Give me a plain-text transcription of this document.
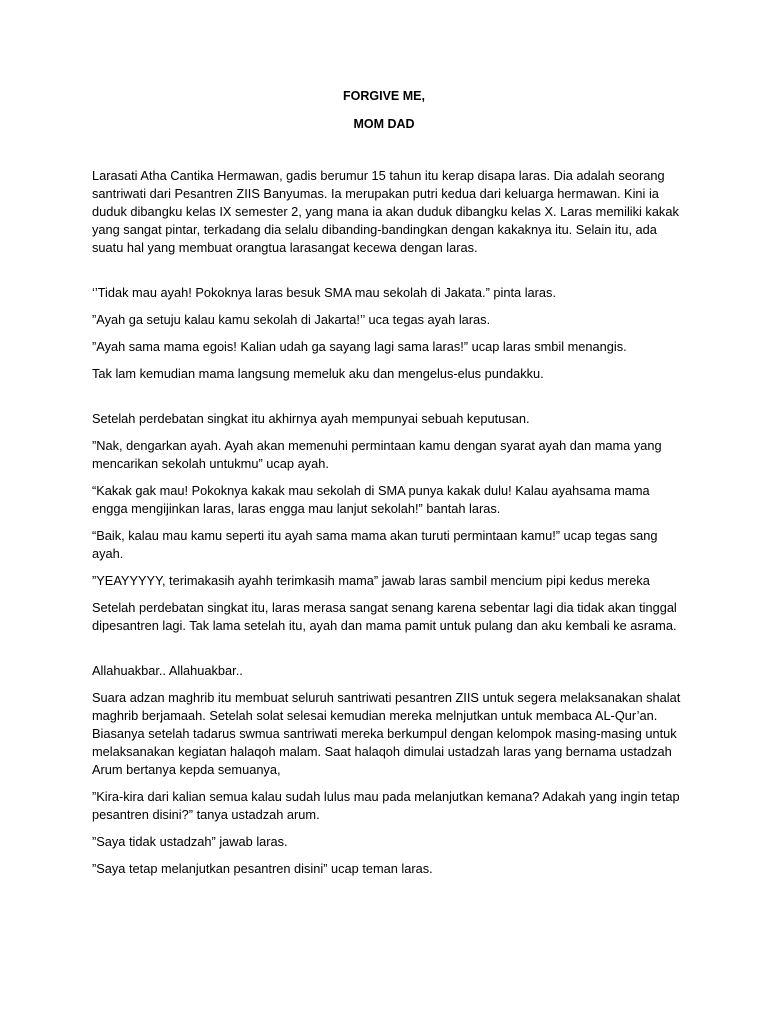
FORGIVE ME,

MOM DAD

Larasati Atha Cantika Hermawan, gadis berumur 15 tahun itu kerap disapa laras. Dia adalah seorang santriwati dari Pesantren ZIIS Banyumas. Ia merupakan putri kedua dari keluarga hermawan. Kini ia duduk dibangku kelas IX semester 2, yang mana ia akan duduk dibangku kelas X. Laras memiliki kakak yang sangat pintar, terkadang dia selalu dibanding-bandingkan dengan kakaknya itu. Selain itu, ada suatu hal yang membuat orangtua larasangat kecewa dengan laras.

‘’Tidak mau ayah! Pokoknya laras besuk SMA mau sekolah di Jakata.” pinta laras.

”Ayah ga setuju kalau kamu sekolah di Jakarta!’’ uca tegas ayah laras.

”Ayah sama mama egois! Kalian udah ga sayang lagi sama laras!” ucap laras smbil menangis.

Tak lam kemudian mama langsung memeluk aku dan mengelus-elus pundakku.

Setelah perdebatan singkat itu akhirnya ayah mempunyai sebuah keputusan.

”Nak, dengarkan ayah. Ayah akan memenuhi permintaan kamu dengan syarat ayah dan mama yang mencarikan sekolah untukmu” ucap ayah.

“Kakak gak mau! Pokoknya kakak mau sekolah di SMA punya kakak dulu! Kalau ayahsama mama engga mengijinkan laras, laras engga mau lanjut sekolah!” bantah laras.

“Baik, kalau mau kamu seperti itu ayah sama mama akan turuti permintaan kamu!” ucap tegas sang ayah.

”YEAYYYYY, terimakasih ayahh terimkasih mama” jawab laras sambil mencium pipi kedus mereka

Setelah perdebatan singkat itu, laras merasa sangat senang karena sebentar lagi dia tidak akan tinggal dipesantren lagi. Tak lama setelah itu, ayah dan mama pamit untuk pulang dan aku kembali ke asrama.

Allahuakbar.. Allahuakbar..

Suara adzan maghrib itu membuat seluruh santriwati pesantren ZIIS untuk segera melaksanakan shalat maghrib berjamaah. Setelah solat selesai kemudian mereka melnjutkan untuk membaca AL-Qur’an. Biasanya setelah tadarus swmua santriwati mereka berkumpul dengan kelompok masing-masing untuk melaksanakan kegiatan halaqoh malam. Saat halaqoh dimulai ustadzah laras yang bernama ustadzah Arum bertanya kepda semuanya,

”Kira-kira dari kalian semua kalau sudah lulus mau pada melanjutkan kemana? Adakah yang ingin tetap pesantren disini?” tanya ustadzah arum.

”Saya tidak ustadzah” jawab laras.

”Saya tetap melanjutkan pesantren disini” ucap teman laras.
